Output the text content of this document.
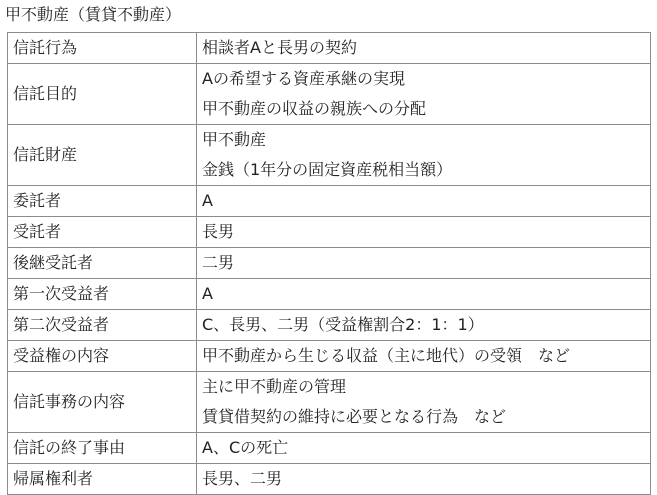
甲不動産（賃貸不動産）
信託行為	相談者Aと長男の契約

信託目的	Aの希望する資産承継の実現
甲不動産の収益の親族への分配

信託財産	甲不動産
金銭（1年分の固定資産税相当額）

委託者	A

受託者	長男

後継受託者	二男

第一次受益者	A

第二次受益者	C、長男、二男（受益権割合2：1：1）

受益権の内容	甲不動産から生じる収益（主に地代）の受領　など

信託事務の内容	主に甲不動産の管理
賃貸借契約の維持に必要となる行為　など

信託の終了事由	A、Cの死亡

帰属権利者	長男、二男
